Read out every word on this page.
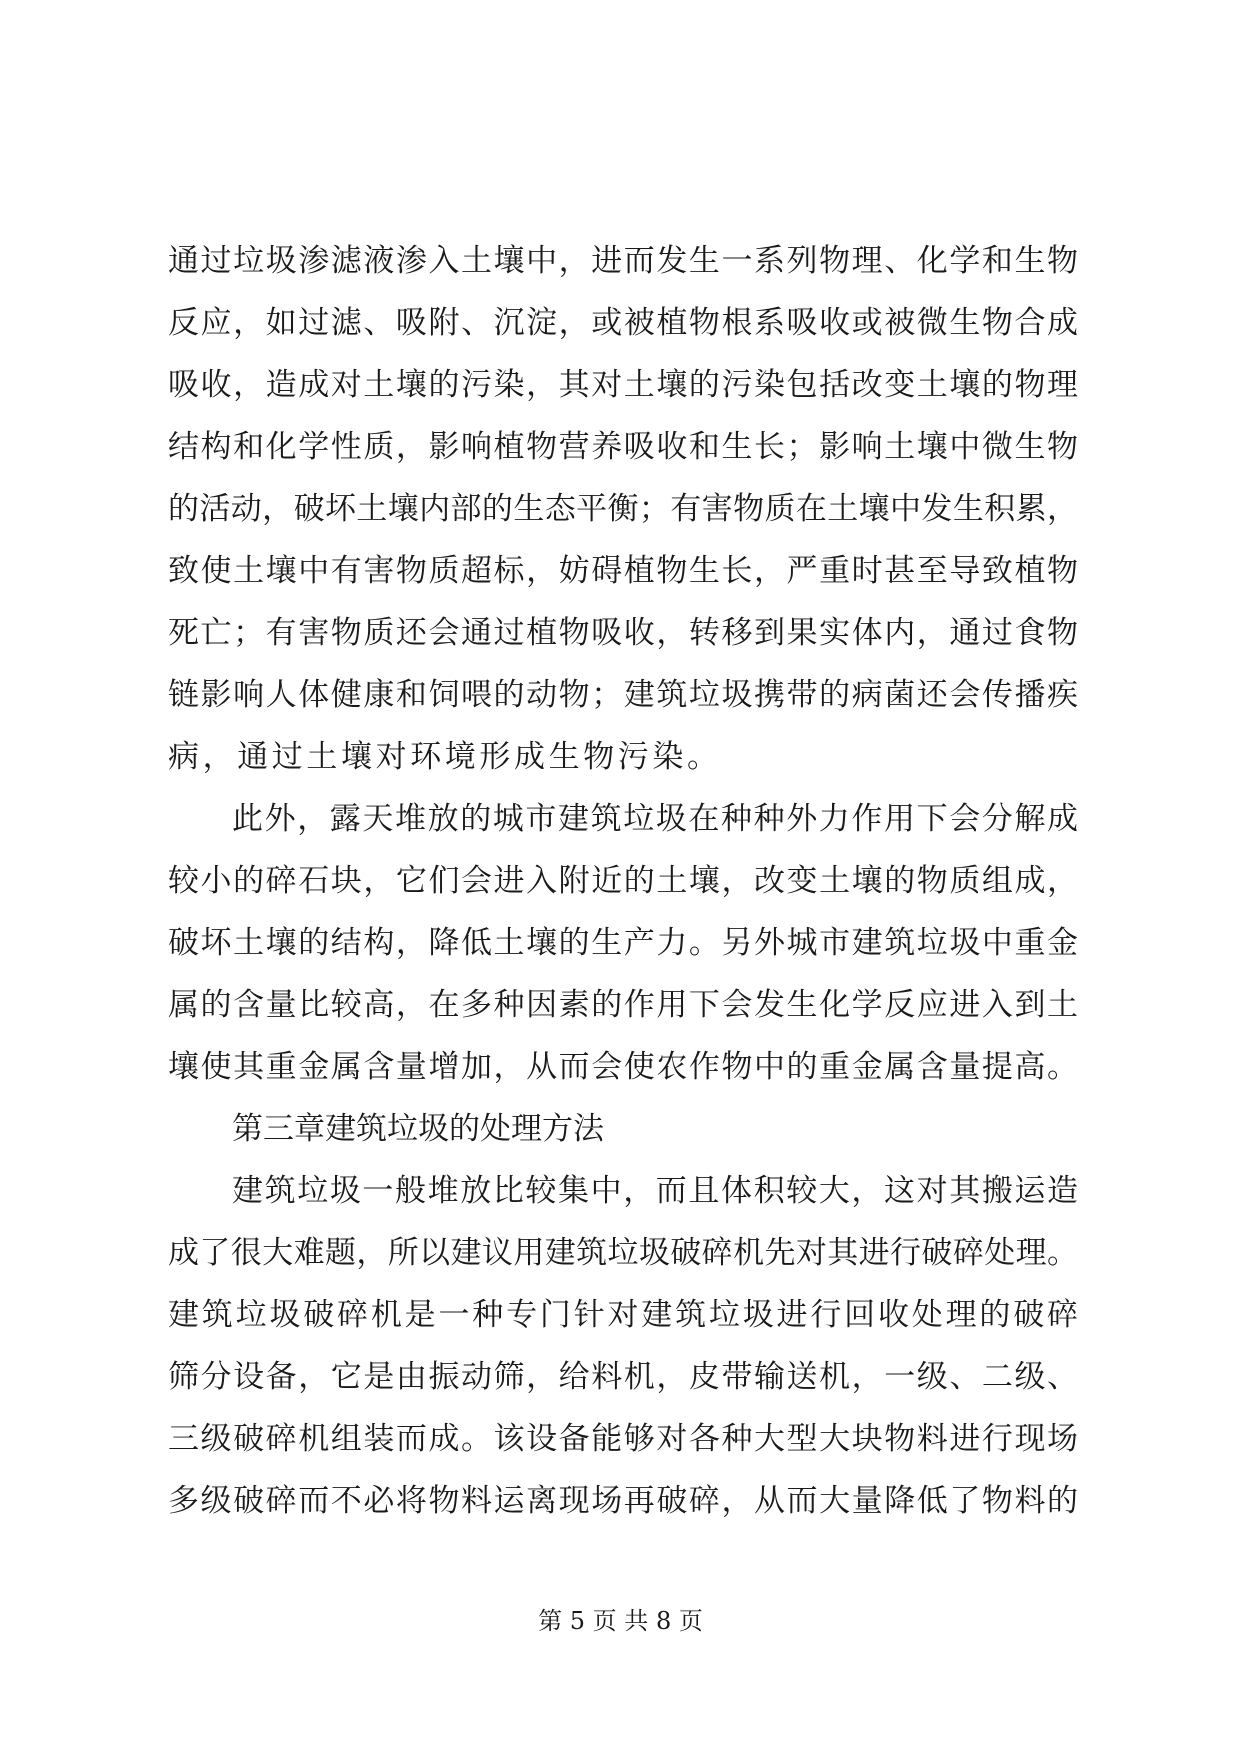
通过垃圾渗滤液渗入土壤中，进而发生一系列物理、化学和生物
反应，如过滤、吸附、沉淀，或被植物根系吸收或被微生物合成
吸收，造成对土壤的污染，其对土壤的污染包括改变土壤的物理
结构和化学性质，影响植物营养吸收和生长；影响土壤中微生物
的活动，破坏土壤内部的生态平衡；有害物质在土壤中发生积累，
致使土壤中有害物质超标，妨碍植物生长，严重时甚至导致植物
死亡；有害物质还会通过植物吸收，转移到果实体内，通过食物
链影响人体健康和饲喂的动物；建筑垃圾携带的病菌还会传播疾
病，通过土壤对环境形成生物污染。
此外，露天堆放的城市建筑垃圾在种种外力作用下会分解成
较小的碎石块，它们会进入附近的土壤，改变土壤的物质组成，
破坏土壤的结构，降低土壤的生产力。另外城市建筑垃圾中重金
属的含量比较高，在多种因素的作用下会发生化学反应进入到土
壤使其重金属含量增加，从而会使农作物中的重金属含量提高。
第三章建筑垃圾的处理方法
建筑垃圾一般堆放比较集中，而且体积较大，这对其搬运造
成了很大难题，所以建议用建筑垃圾破碎机先对其进行破碎处理。
建筑垃圾破碎机是一种专门针对建筑垃圾进行回收处理的破碎
筛分设备，它是由振动筛，给料机，皮带输送机，一级、二级、
三级破碎机组装而成。该设备能够对各种大型大块物料进行现场
多级破碎而不必将物料运离现场再破碎，从而大量降低了物料的
第 5 页 共 8 页
